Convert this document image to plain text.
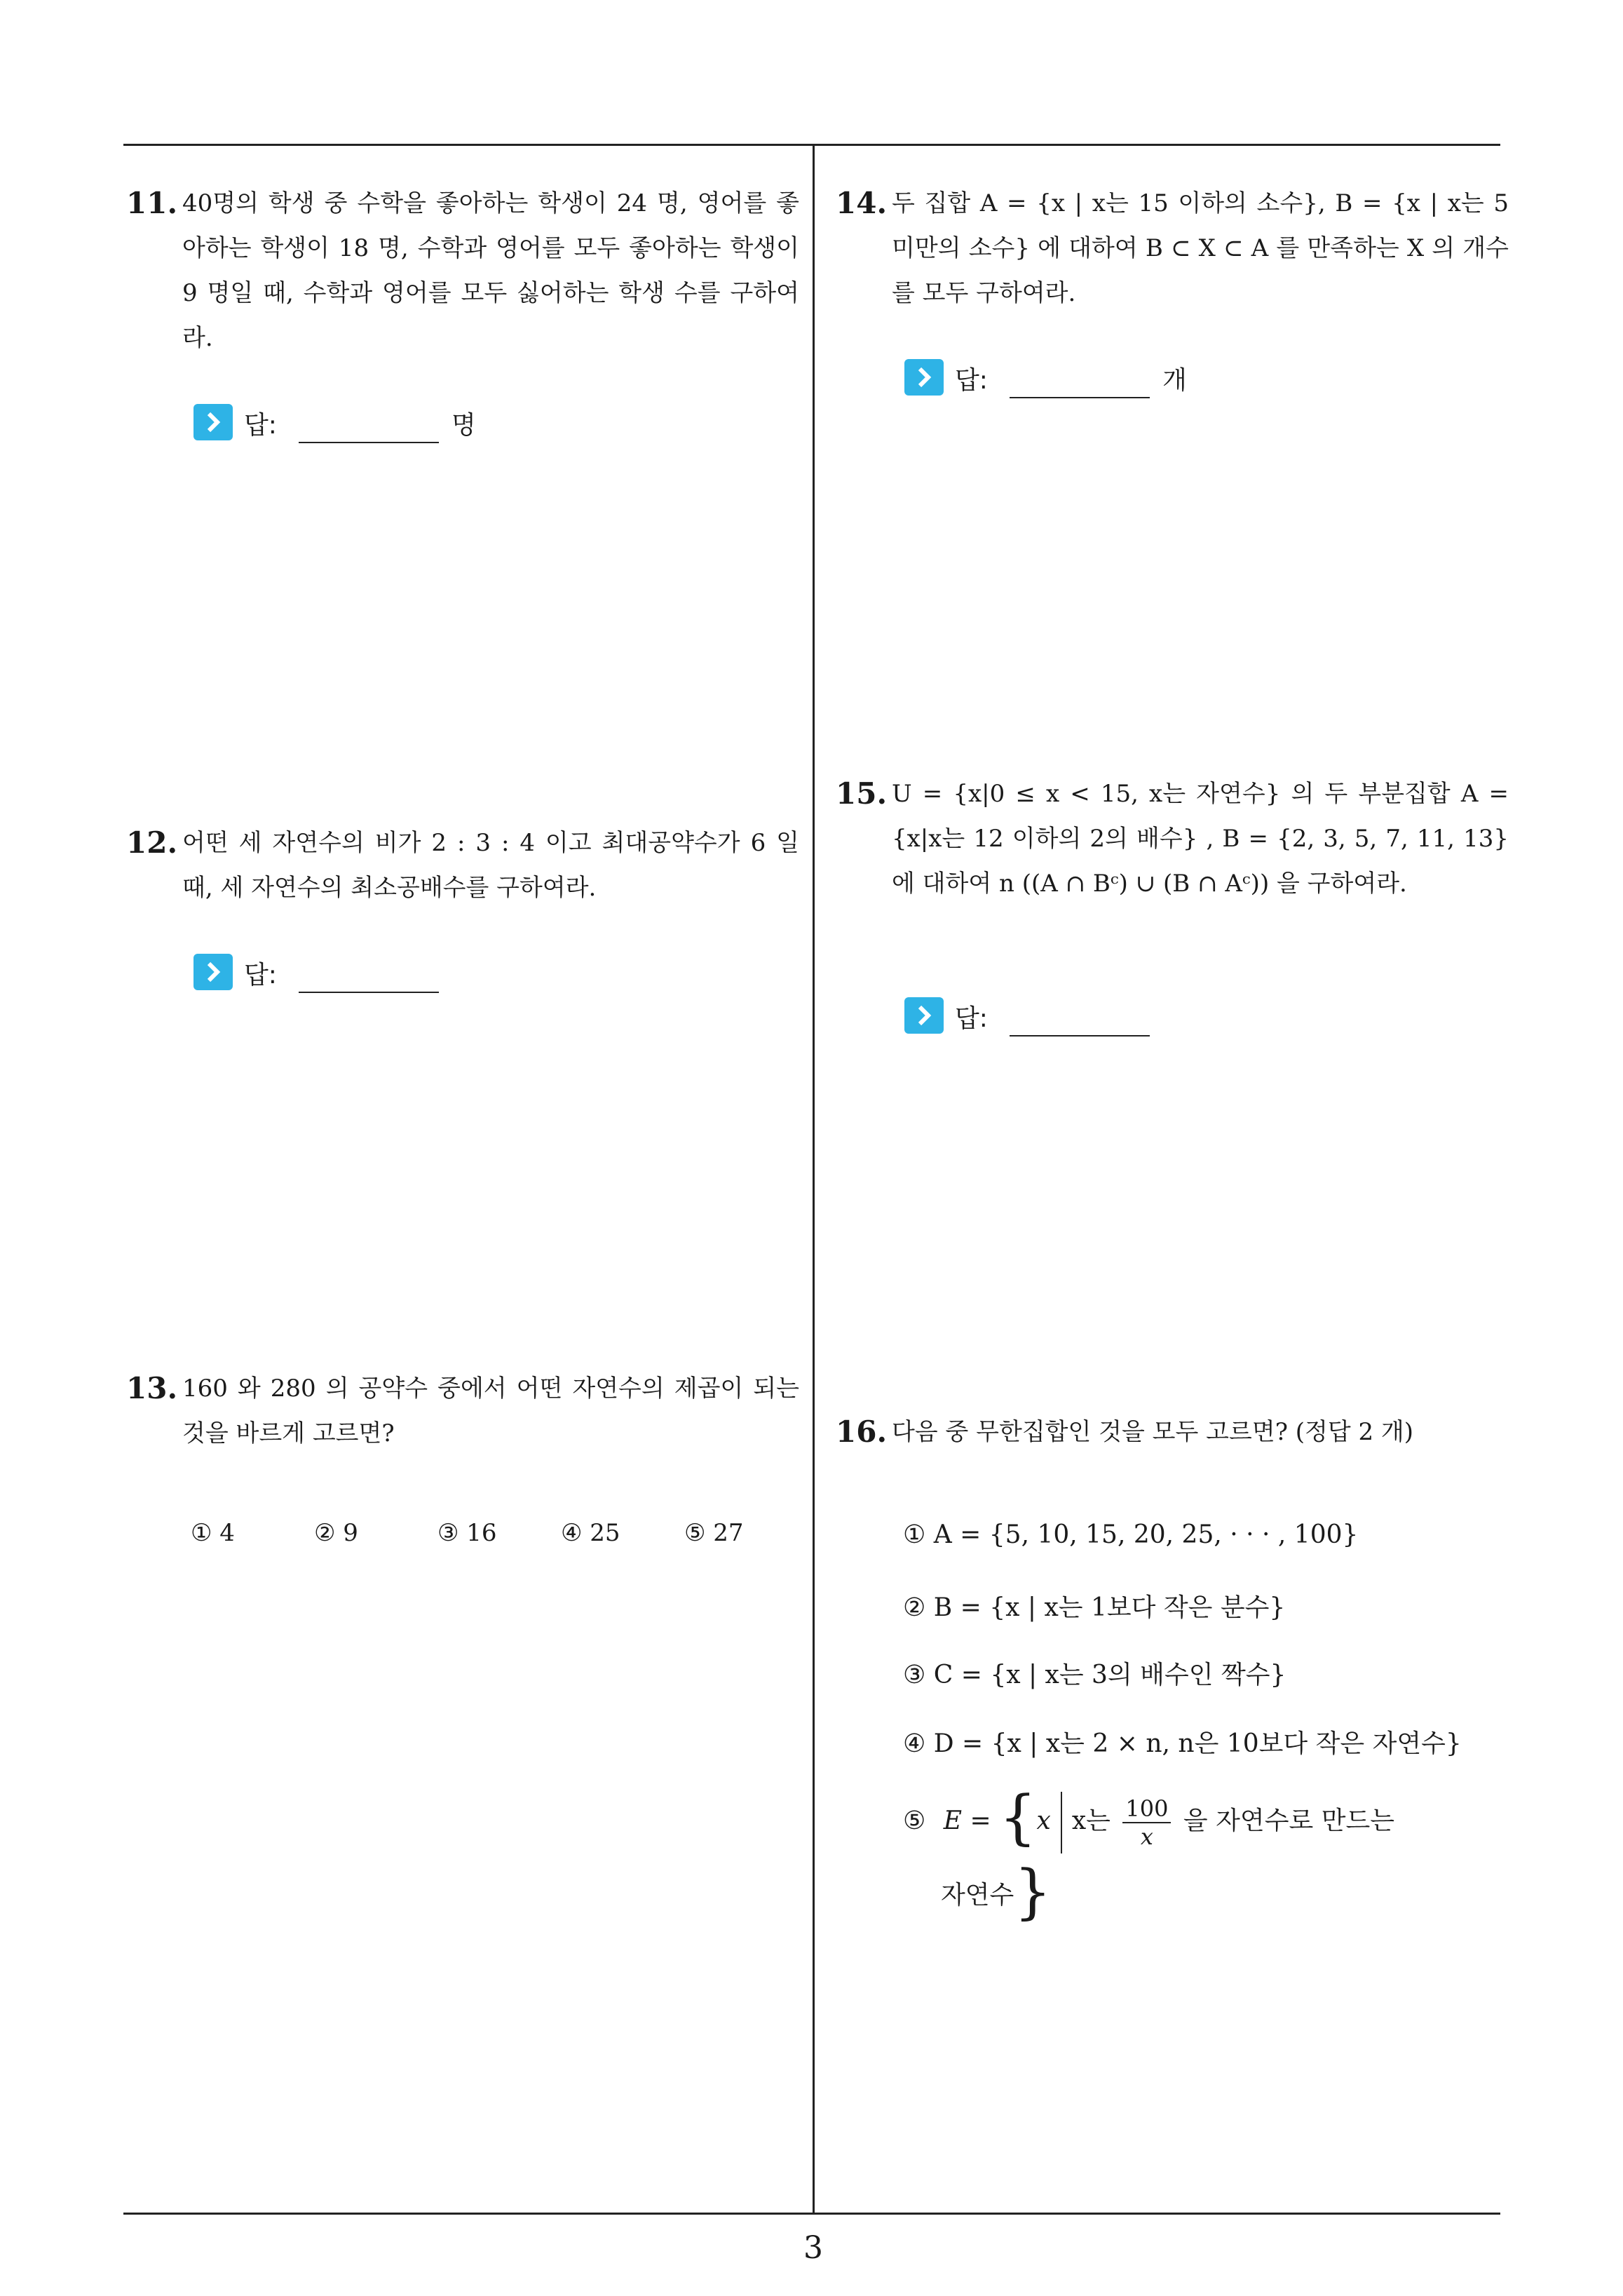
11. 40명의 학생 중 수학을 좋아하는 학생이 24 명, 영어를 좋아하는 학생이 18 명, 수학과 영어를 모두 좋아하는 학생이 9 명일 때, 수학과 영어를 모두 싫어하는 학생 수를 구하여라.
답:	명
12. 어떤 세 자연수의 비가 2 : 3 : 4 이고 최대공약수가 6 일 때, 세 자연수의 최소공배수를 구하여라.
답:
13. 160 와 280 의 공약수 중에서 어떤 자연수의 제곱이 되는 것을 바르게 고르면?
① 4	② 9	③ 16	④ 25	⑤ 27
14. 두 집합 A = {x | x는 15 이하의 소수}, B = {x | x는 5 미만의 소수} 에 대하여 B ⊂ X ⊂ A 를 만족하는 X 의 개수를 모두 구하여라.
답:	개
15. U = {x|0 ≤ x < 15, x는 자연수} 의 두 부분집합 A = {x|x는 12 이하의 2의 배수} , B = {2, 3, 5, 7, 11, 13} 에 대하여 n ((A ∩ Bᶜ) ∪ (B ∩ Aᶜ)) 을 구하여라.
답:
16. 다음 중 무한집합인 것을 모두 고르면? (정답 2 개)
① A = {5, 10, 15, 20, 25, · · · , 100}
② B = {x | x는 1보다 작은 분수}
③ C = {x | x는 3의 배수인 짝수}
④ D = {x | x는 2 × n, n은 10보다 작은 자연수}
⑤ E = {x x는 $\frac{100}{x}$ 을 자연수로 만드는
자연수}
3
